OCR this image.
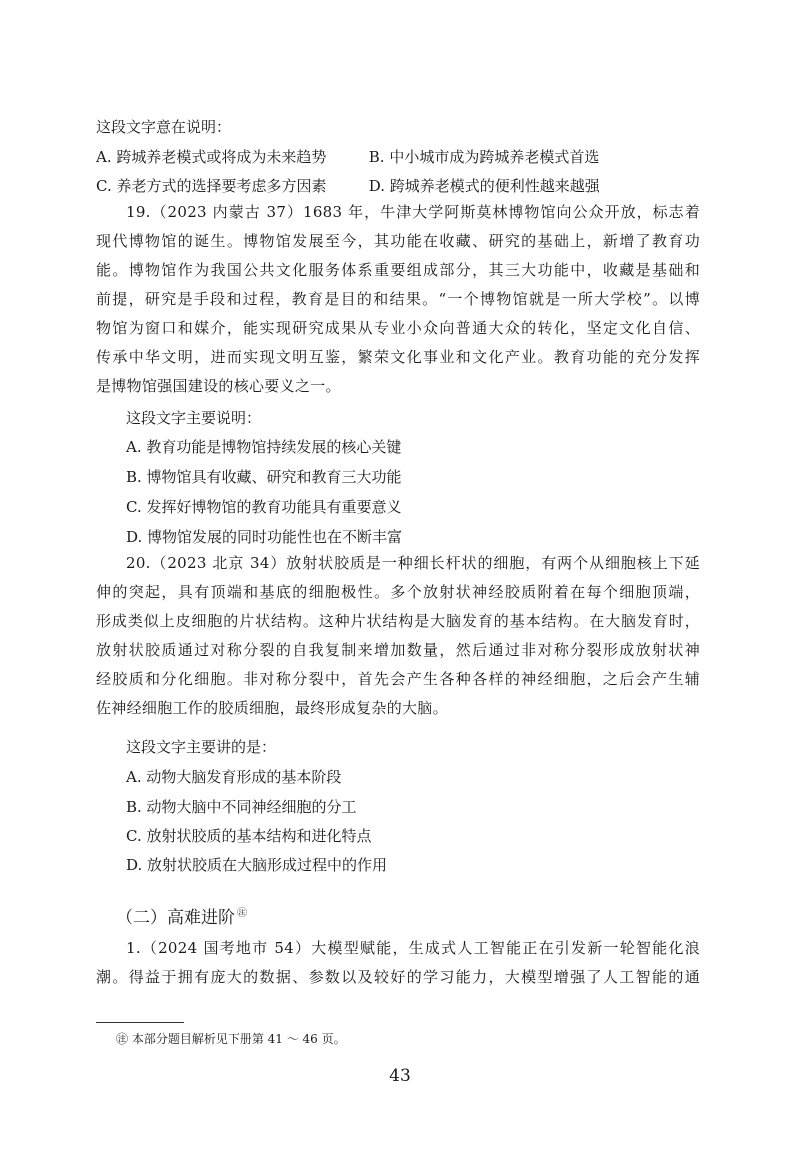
这段文字意在说明：
A. 跨城养老模式或将成为未来趋势	B. 中小城市成为跨城养老模式首选
C. 养老方式的选择要考虑多方因素	D. 跨城养老模式的便利性越来越强

19.（2023 内蒙古 37）1683 年，牛津大学阿斯莫林博物馆向公众开放，标志着

现代博物馆的诞生。博物馆发展至今，其功能在收藏、研究的基础上，新增了教育功

能。博物馆作为我国公共文化服务体系重要组成部分，其三大功能中，收藏是基础和

前提，研究是手段和过程，教育是目的和结果。“一个博物馆就是一所大学校”。以博

物馆为窗口和媒介，能实现研究成果从专业小众向普通大众的转化，坚定文化自信、

传承中华文明，进而实现文明互鉴，繁荣文化事业和文化产业。教育功能的充分发挥

是博物馆强国建设的核心要义之一。

这段文字主要说明：
A. 教育功能是博物馆持续发展的核心关键
B. 博物馆具有收藏、研究和教育三大功能
C. 发挥好博物馆的教育功能具有重要意义
D. 博物馆发展的同时功能性也在不断丰富

20.（2023 北京 34）放射状胶质是一种细长杆状的细胞，有两个从细胞核上下延

伸的突起，具有顶端和基底的细胞极性。多个放射状神经胶质附着在每个细胞顶端，

形成类似上皮细胞的片状结构。这种片状结构是大脑发育的基本结构。在大脑发育时，

放射状胶质通过对称分裂的自我复制来增加数量，然后通过非对称分裂形成放射状神

经胶质和分化细胞。非对称分裂中，首先会产生各种各样的神经细胞，之后会产生辅

佐神经细胞工作的胶质细胞，最终形成复杂的大脑。

这段文字主要讲的是：
A. 动物大脑发育形成的基本阶段
B. 动物大脑中不同神经细胞的分工
C. 放射状胶质的基本结构和进化特点
D. 放射状胶质在大脑形成过程中的作用
（二）高难进阶 ㊟

1.（2024 国考地市 54）大模型赋能，生成式人工智能正在引发新一轮智能化浪

潮。得益于拥有庞大的数据、参数以及较好的学习能力，大模型增强了人工智能的通

㊟ 本部分题目解析见下册第 41 ～ 46 页。
43
